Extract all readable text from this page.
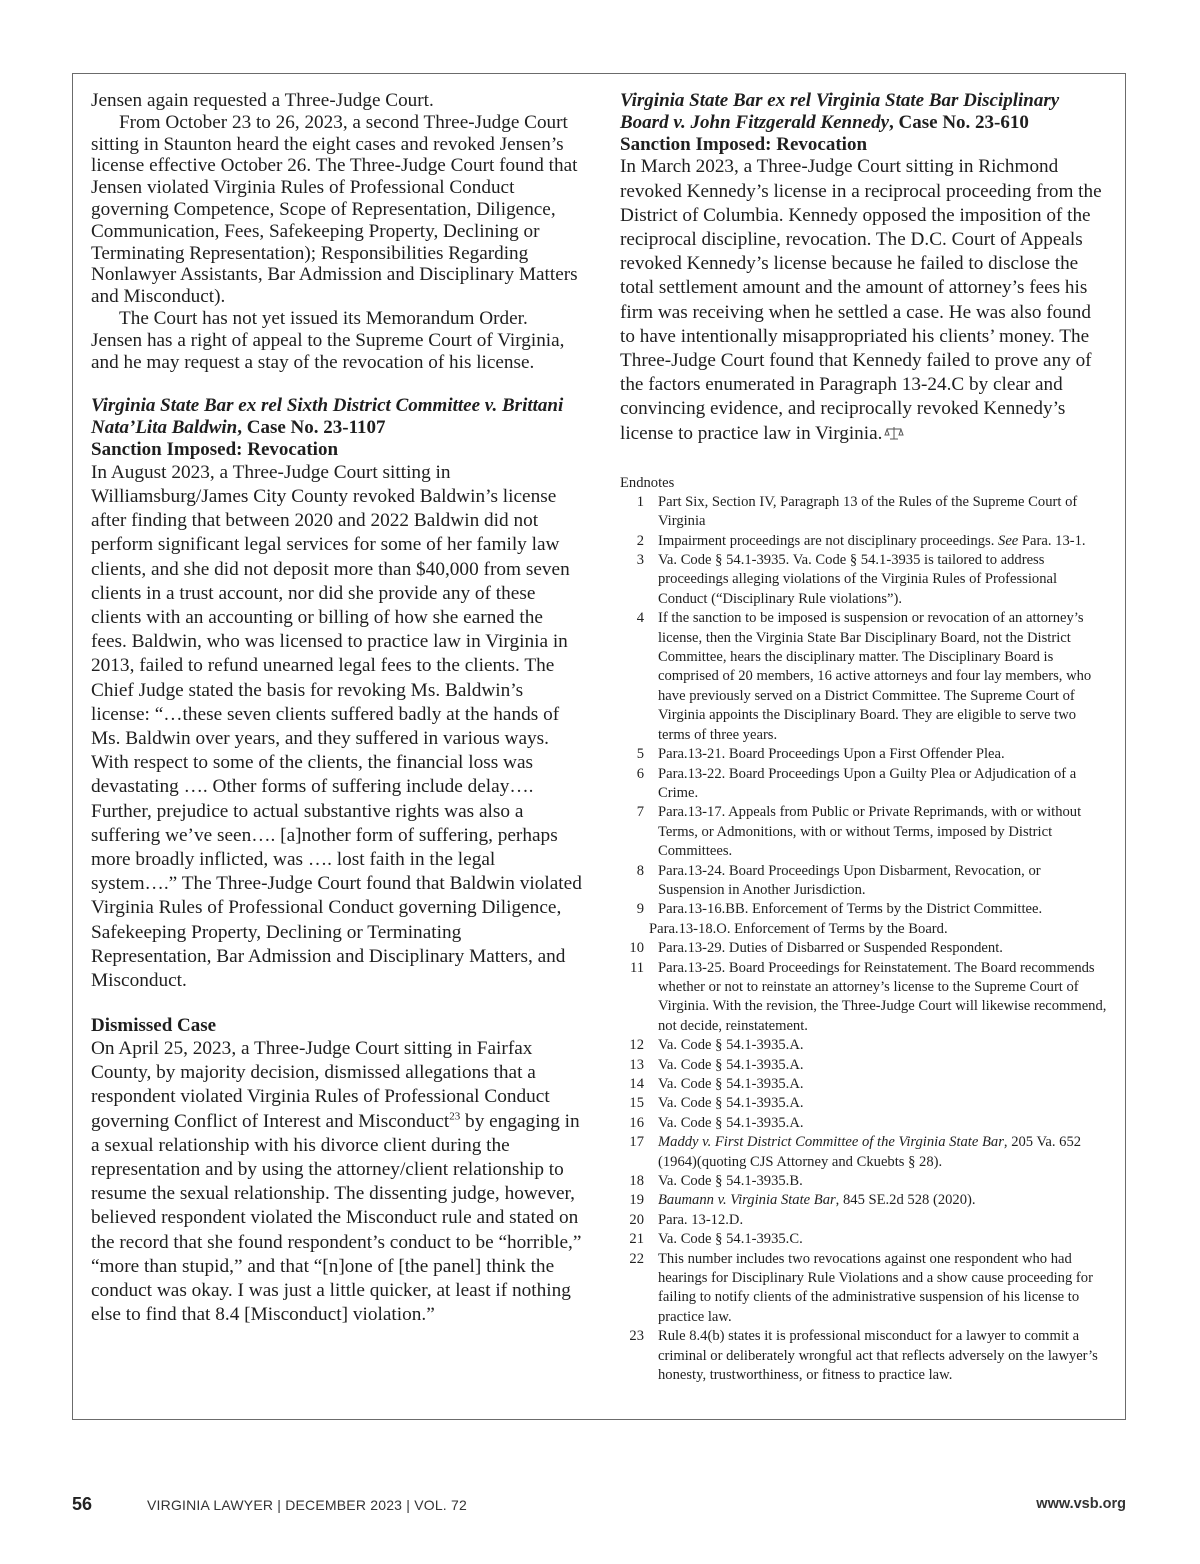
Jensen again requested a Three-Judge Court.

From October 23 to 26, 2023, a second Three-Judge Court sitting in Staunton heard the eight cases and revoked Jensen’s license effective October 26. The Three-Judge Court found that Jensen violated Virginia Rules of Professional Conduct governing Competence, Scope of Representation, Diligence, Communication, Fees, Safekeeping Property, Declining or Terminating Representation); Responsibilities Regarding Nonlawyer Assistants, Bar Admission and Disciplinary Matters and Misconduct).

The Court has not yet issued its Memorandum Order. Jensen has a right of appeal to the Supreme Court of Virginia, and he may request a stay of the revocation of his license.

Virginia State Bar ex rel Sixth District Committee v. Brittani Nata’Lita Baldwin, Case No. 23-1107

Sanction Imposed: Revocation

In August 2023, a Three-Judge Court sitting in Williamsburg/James City County revoked Baldwin’s license after finding that between 2020 and 2022 Baldwin did not perform significant legal services for some of her family law clients, and she did not deposit more than $40,000 from seven clients in a trust account, nor did she provide any of these clients with an accounting or billing of how she earned the fees. Baldwin, who was licensed to practice law in Virginia in 2013, failed to refund unearned legal fees to the clients. The Chief Judge stated the basis for revoking Ms. Baldwin’s license: “…these seven clients suffered badly at the hands of Ms. Baldwin over years, and they suffered in various ways. With respect to some of the clients, the financial loss was devastating …. Other forms of suffering include delay…. Further, prejudice to actual substantive rights was also a suffering we’ve seen…. [a]nother form of suffering, perhaps more broadly inflicted, was …. lost faith in the legal system….” The Three-Judge Court found that Baldwin violated Virginia Rules of Professional Conduct governing Diligence, Safekeeping Property, Declining or Terminating Representation, Bar Admission and Disciplinary Matters, and Misconduct.

Dismissed Case

On April 25, 2023, a Three-Judge Court sitting in Fairfax County, by majority decision, dismissed allegations that a respondent violated Virginia Rules of Professional Conduct governing Conflict of Interest and Misconduct$^{23}$ by engaging in a sexual relationship with his divorce client during the representation and by using the attorney/client relationship to resume the sexual relationship. The dissenting judge, however, believed respondent violated the Misconduct rule and stated on the record that she found respondent’s conduct to be “horrible,” “more than stupid,” and that “[n]one of [the panel] think the conduct was okay. I was just a little quicker, at least if nothing else to find that 8.4 [Misconduct] violation.”

Virginia State Bar ex rel Virginia State Bar Disciplinary Board v. John Fitzgerald Kennedy, Case No. 23-610

Sanction Imposed: Revocation

In March 2023, a Three-Judge Court sitting in Richmond revoked Kennedy’s license in a reciprocal proceeding from the District of Columbia. Kennedy opposed the imposition of the reciprocal discipline, revocation. The D.C. Court of Appeals revoked Kennedy’s license because he failed to disclose the total settlement amount and the amount of attorney’s fees his firm was receiving when he settled a case. He was also found to have intentionally misappropriated his clients’ money. The Three-Judge Court found that Kennedy failed to prove any of the factors enumerated in Paragraph 13-24.C by clear and convincing evidence, and reciprocally revoked Kennedy’s license to practice law in Virginia.

Endnotes

1 Part Six, Section IV, Paragraph 13 of the Rules of the Supreme Court of Virginia

2 Impairment proceedings are not disciplinary proceedings. See Para. 13-1.

3 Va. Code § 54.1-3935. Va. Code § 54.1-3935 is tailored to address proceedings alleging violations of the Virginia Rules of Professional Conduct (“Disciplinary Rule violations”).

4 If the sanction to be imposed is suspension or revocation of an attorney’s license, then the Virginia State Bar Disciplinary Board, not the District Committee, hears the disciplinary matter. The Disciplinary Board is comprised of 20 members, 16 active attorneys and four lay members, who have previously served on a District Committee. The Supreme Court of Virginia appoints the Disciplinary Board. They are eligible to serve two terms of three years.

5 Para.13-21. Board Proceedings Upon a First Offender Plea.

6 Para.13-22. Board Proceedings Upon a Guilty Plea or Adjudication of a Crime.

7 Para.13-17. Appeals from Public or Private Reprimands, with or without Terms, or Admonitions, with or without Terms, imposed by District Committees.

8 Para.13-24. Board Proceedings Upon Disbarment, Revocation, or Suspension in Another Jurisdiction.

9 Para.13-16.BB. Enforcement of Terms by the District Committee.

Para.13-18.O. Enforcement of Terms by the Board.

10 Para.13-29. Duties of Disbarred or Suspended Respondent.

11 Para.13-25. Board Proceedings for Reinstatement. The Board recommends whether or not to reinstate an attorney’s license to the Supreme Court of Virginia. With the revision, the Three-Judge Court will likewise recommend, not decide, reinstatement.

12 Va. Code § 54.1-3935.A.

13 Va. Code § 54.1-3935.A.

14 Va. Code § 54.1-3935.A.

15 Va. Code § 54.1-3935.A.

16 Va. Code § 54.1-3935.A.

17 Maddy v. First District Committee of the Virginia State Bar, 205 Va. 652 (1964)(quoting CJS Attorney and Ckuebts § 28).

18 Va. Code § 54.1-3935.B.

19 Baumann v. Virginia State Bar, 845 SE.2d 528 (2020).

20 Para. 13-12.D.

21 Va. Code § 54.1-3935.C.

22 This number includes two revocations against one respondent who had hearings for Disciplinary Rule Violations and a show cause proceeding for failing to notify clients of the administrative suspension of his license to practice law.

23 Rule 8.4(b) states it is professional misconduct for a lawyer to commit a criminal or deliberately wrongful act that reflects adversely on the lawyer’s honesty, trustworthiness, or fitness to practice law.

56	VIRGINIA LAWYER | DECEMBER 2023 | VOL. 72	www.vsb.org
